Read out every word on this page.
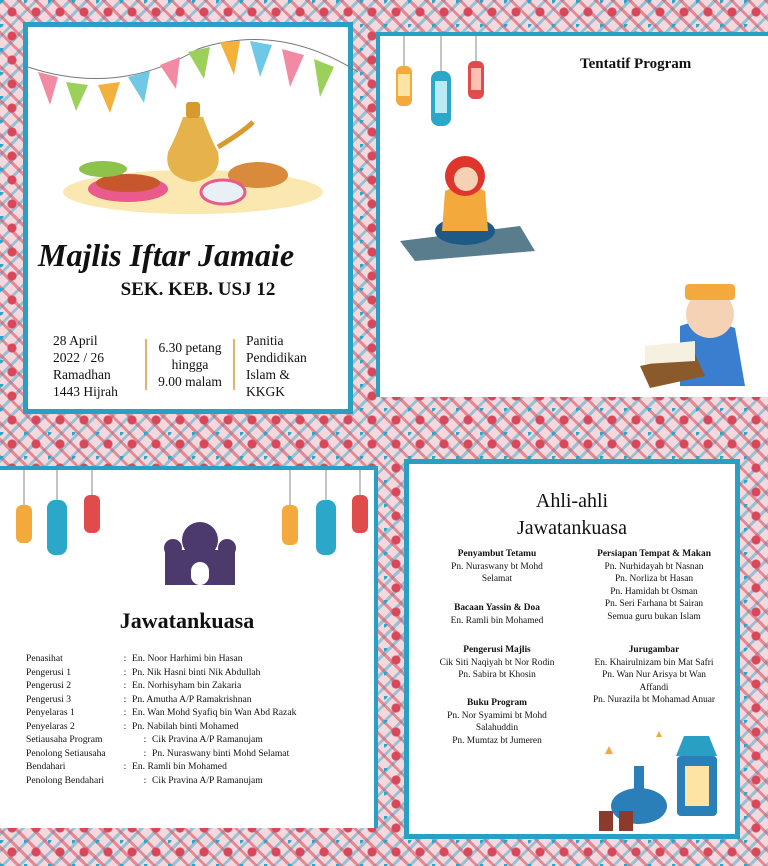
Majlis Iftar Jamaie
SEK. KEB. USJ 12
28 April
2022 / 26
Ramadhan
1443 Hijrah
6.30 petang
hingga
9.00 malam
Panitia
Pendidikan
Islam &
KKGK
Tentatif Program
Jawatankuasa
Penasihat	: En. Noor Harhimi bin Hasan
Pengerusi 1	: Pn. Nik Hasni binti Nik Abdullah
Pengerusi 2	: En. Norhisyham bin Zakaria
Pengerusi 3	: Pn. Amutha A/P Ramakrishnan
Penyelaras 1	: En. Wan Mohd Syafiq bin Wan Abd Razak
Penyelaras 2	: Pn. Nabilah binti Mohamed
Setiausaha Program	: Cik Pravina A/P Ramanujam
Penolong Setiausaha	: Pn. Nuraswany binti Mohd Selamat
Bendahari	: En. Ramli bin Mohamed
Penolong Bendahari	: Cik Pravina A/P Ramanujam
Ahli-ahli
Jawatankuasa
Penyambut Tetamu
Pn. Nuraswany bt Mohd
Selamat
Bacaan Yassin & Doa
En. Ramli bin Mohamed
Pengerusi Majlis
Cik Siti Naqiyah bt Nor Rodin
Pn. Sabira bt Khosin
Buku Program
Pn. Nor Syamimi bt Mohd
Salahuddin
Pn. Mumtaz bt Jumeren
Persiapan Tempat & Makan
Pn. Nurhidayah bt Nasnan
Pn. Norliza bt Hasan
Pn. Hamidah bt Osman
Pn. Seri Farhana bt Sairan
Semua guru bukan Islam
Jurugambar
En. Khairulnizam bin Mat Safri
Pn. Wan Nur Arisya bt Wan
Affandi
Pn. Nurazila bt Mohamad Anuar
